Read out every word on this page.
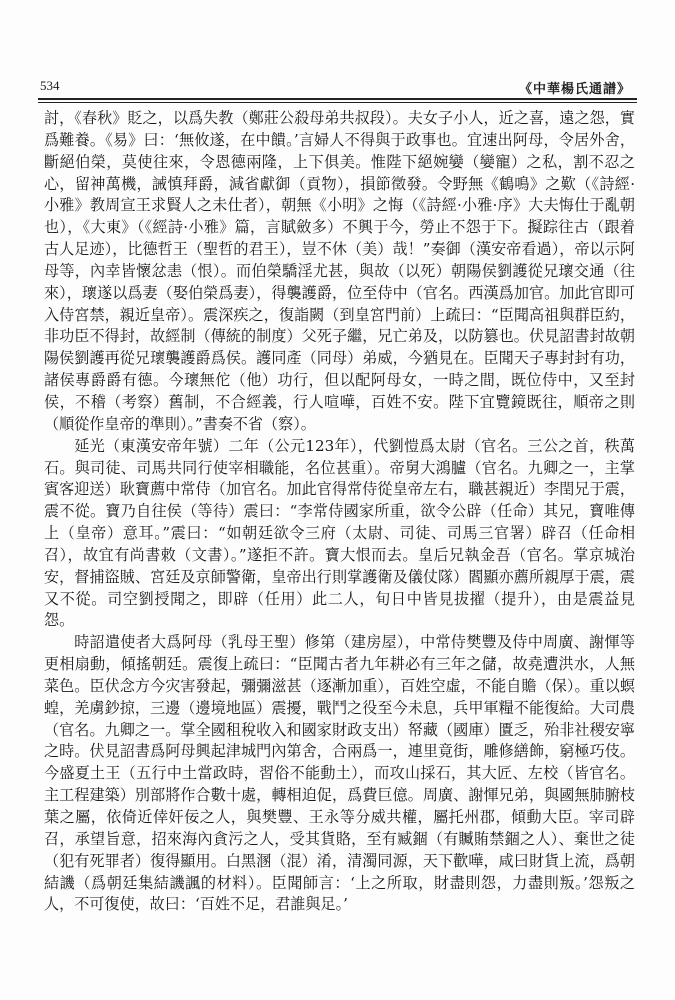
534	《中華楊氏通譜》

討，《春秋》貶之，以爲失教（鄭莊公殺母弟共叔段）。夫女子小人，近之喜，遠之怨，實爲難養。《易》曰：‘無攸遂，在中饋。’言婦人不得與于政事也。宜速出阿母，令居外舍，斷絕伯榮，莫使往來，令恩德兩隆，上下俱美。惟陛下絕婉孌（孌寵）之私，割不忍之心，留神萬機，誡慎拜爵，減省獻御（貢物），損節徵發。令野無《鶴鳴》之歎（《詩經·小雅》教周宣王求賢人之未仕者），朝無《小明》之悔（《詩經·小雅·序》大夫悔仕于亂朝也），《大東》（《經詩·小雅》篇，言賦斂多）不興于今，勞止不怨于下。擬踪往古（跟着古人足迹），比德哲王（聖哲的君王），豈不休（美）哉！”奏御（漢安帝看過），帝以示阿母等，內幸皆懷忿恚（恨）。而伯榮驕淫尤甚，與故（以死）朝陽侯劉護從兄瓌交通（往來），瓌遂以爲妻（娶伯榮爲妻），得襲護爵，位至侍中（官名。西漢爲加官。加此官即可入侍宮禁，親近皇帝）。震深疾之，復詣闕（到皇宮門前）上疏曰：“臣聞高祖與群臣約，非功臣不得封，故經制（傳統的制度）父死子繼，兄亡弟及，以防篡也。伏見詔書封故朝陽侯劉護再從兄瓌襲護爵爲侯。護同產（同母）弟威，今猶見在。臣聞天子專封封有功，諸侯專爵爵有德。今瓌無佗（他）功行，但以配阿母女，一時之間，既位侍中，又至封侯，不稽（考察）舊制，不合經義，行人喧嘩，百姓不安。陛下宜覽鏡既往，順帝之則（順從作皇帝的準則）。”書奏不省（察）。

延光（東漢安帝年號）二年（公元123年），代劉愷爲太尉（官名。三公之首，秩萬石。與司徒、司馬共同行使宰相職能，名位甚重）。帝舅大鴻臚（官名。九卿之一，主掌賓客迎送）耿寶薦中常侍（加官名。加此官得常侍從皇帝左右，職甚親近）李閏兄于震，震不從。寶乃自往侯（等待）震曰：“李常侍國家所重，欲令公辟（任命）其兄，寶唯傳上（皇帝）意耳。”震曰：“如朝廷欲令三府（太尉、司徒、司馬三官署）辟召（任命相召），故宜有尚書敕（文書）。”遂拒不許。寶大恨而去。皇后兄執金吾（官名。掌京城治安，督捕盜賊、宮廷及京師警衛，皇帝出行則掌護衛及儀仗隊）閻顯亦薦所親厚于震，震又不從。司空劉授聞之，即辟（任用）此二人，旬日中皆見拔擢（提升），由是震益見怨。

時詔遣使者大爲阿母（乳母王聖）修第（建房屋），中常侍樊豐及侍中周廣、謝惲等更相扇動，傾搖朝廷。震復上疏曰：“臣聞古者九年耕必有三年之儲，故堯遭洪水，人無菜色。臣伏念方今灾害發起，彌彌滋甚（逐漸加重），百姓空虛，不能自贍（保）。重以螟蝗，羌虜鈔掠，三邊（邊境地區）震擾，戰鬥之役至今未息，兵甲軍糧不能復給。大司農（官名。九卿之一。掌全國租稅收入和國家財政支出）帑藏（國庫）匱乏，殆非社稷安寧之時。伏見詔書爲阿母興起津城門內第舍，合兩爲一，連里竟街，雕修繕飾，窮極巧伎。今盛夏土王（五行中土當政時，習俗不能動土），而攻山採石，其大匠、左校（皆官名。主工程建築）別部將作合數十處，轉相迫促，爲費巨億。周廣、謝惲兄弟，與國無肺腑枝葉之屬，依倚近倖奸佞之人，與樊豐、王永等分威共權，屬托州郡，傾動大臣。宰司辟召，承望旨意，招來海內貪污之人，受其貨賂，至有臧錮（有贓賄禁錮之人）、棄世之徒（犯有死罪者）復得顯用。白黑溷（混）淆，清濁同源，天下歡嘩，咸曰財貨上流，爲朝結譏（爲朝廷集結譏諷的材料）。臣聞師言：‘上之所取，財盡則怨，力盡則叛。’怨叛之人，不可復使，故曰：‘百姓不足，君誰與足。’
